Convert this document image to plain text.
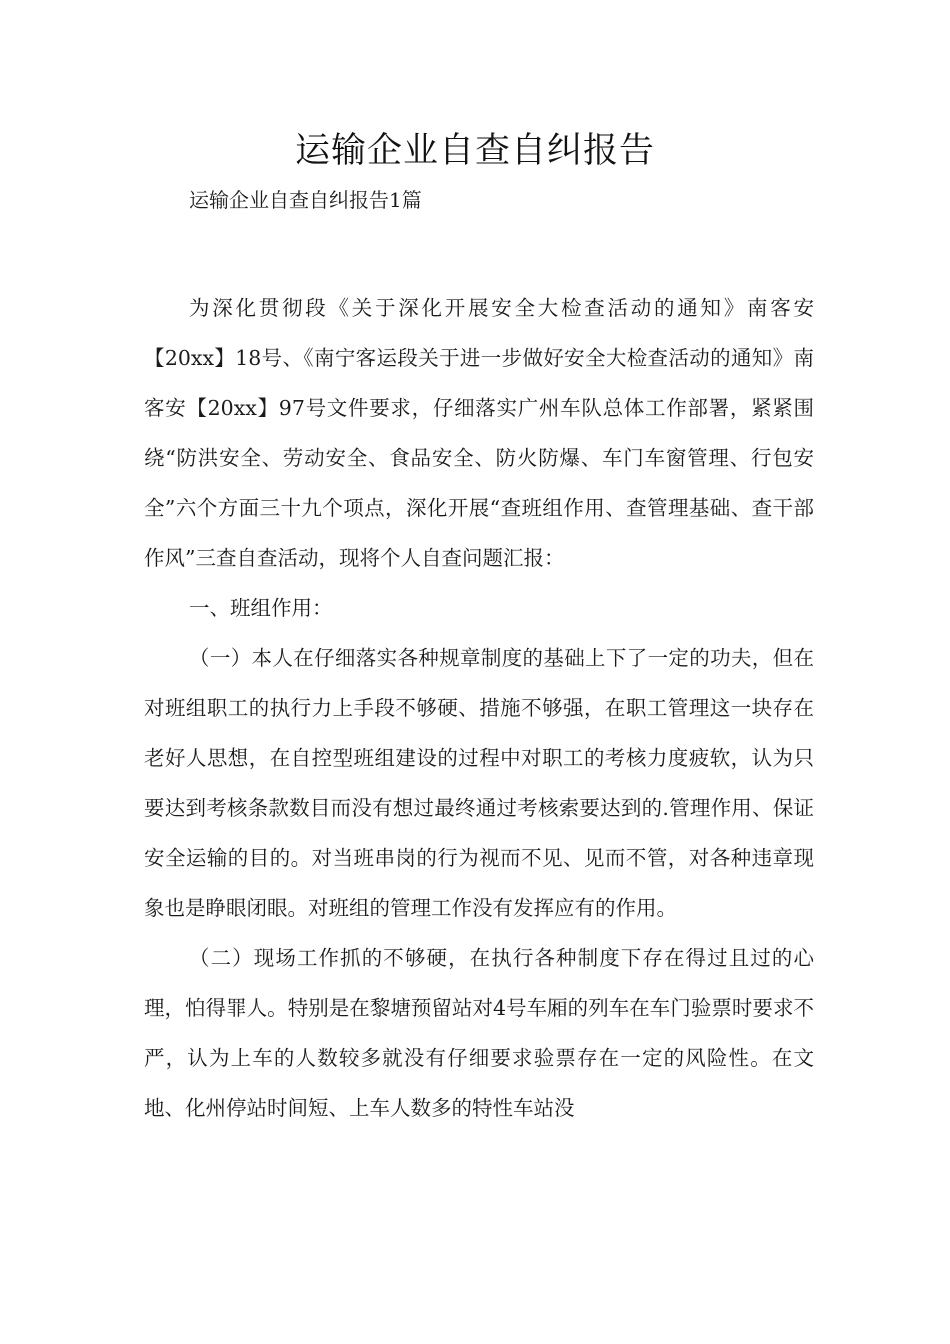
运输企业自查自纠报告
运输企业自查自纠报告1篇

为深化贯彻段《关于深化开展安全大检查活动的通知》南客安【20xx】18号、《南宁客运段关于进一步做好安全大检查活动的通知》南客安【20xx】97号文件要求，仔细落实广州车队总体工作部署，紧紧围绕“防洪安全、劳动安全、食品安全、防火防爆、车门车窗管理、行包安全”六个方面三十九个项点，深化开展“查班组作用、查管理基础、查干部作风”三查自查活动，现将个人自查问题汇报：

一、班组作用：

（一）本人在仔细落实各种规章制度的基础上下了一定的功夫，但在对班组职工的执行力上手段不够硬、措施不够强，在职工管理这一块存在老好人思想，在自控型班组建设的过程中对职工的考核力度疲软，认为只要达到考核条款数目而没有想过最终通过考核索要达到的.管理作用、保证安全运输的目的。对当班串岗的行为视而不见、见而不管，对各种违章现象也是睁眼闭眼。对班组的管理工作没有发挥应有的作用。

（二）现场工作抓的不够硬，在执行各种制度下存在得过且过的心理，怕得罪人。特别是在黎塘预留站对4号车厢的列车在车门验票时要求不严，认为上车的人数较多就没有仔细要求验票存在一定的风险性。在文地、化州停站时间短、上车人数多的特性车站没
